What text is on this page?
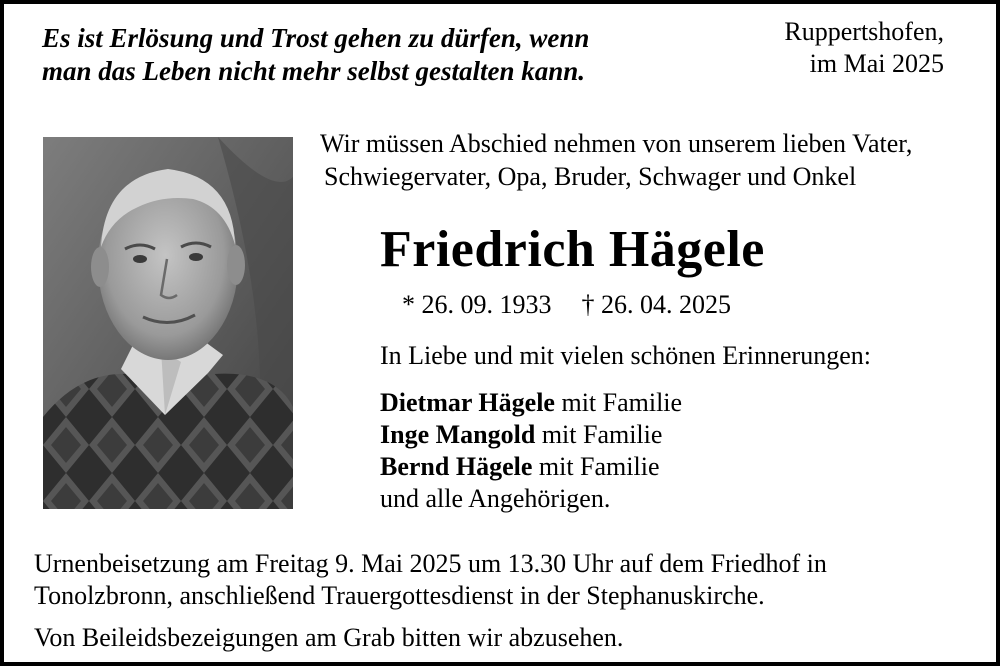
Es ist Erlösung und Trost gehen zu dürfen, wenn
man das Leben nicht mehr selbst gestalten kann.
Ruppertshofen,
im Mai 2025
Wir müssen Abschied nehmen von unserem lieben Vater,
Schwiegervater, Opa, Bruder, Schwager und Onkel
Friedrich Hägele
* 26. 09. 1933 † 26. 04. 2025
In Liebe und mit vielen schönen Erinnerungen:
Dietmar Hägele mit Familie
Inge Mangold mit Familie
Bernd Hägele mit Familie
und alle Angehörigen.
Urnenbeisetzung am Freitag 9. Mai 2025 um 13.30 Uhr auf dem Friedhof in
Tonolzbronn, anschließend Trauergottesdienst in der Stephanuskirche.
Von Beileidsbezeigungen am Grab bitten wir abzusehen.
